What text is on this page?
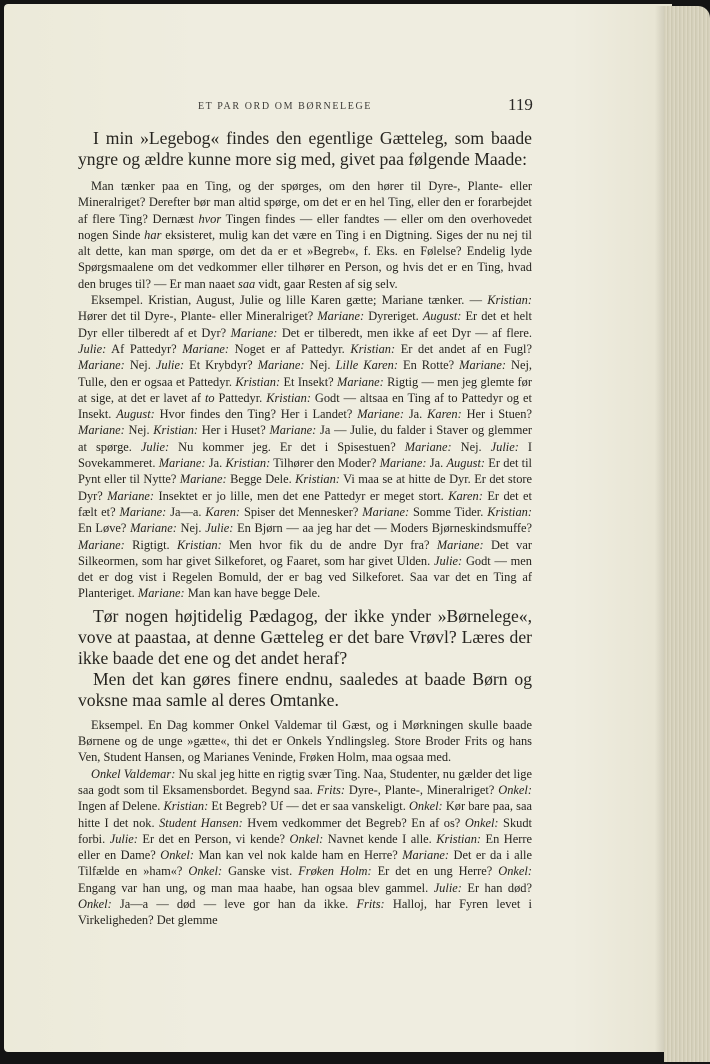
ET PAR ORD OM BØRNELEGE	119

I min »Legebog« findes den egentlige Gætteleg, som baade yngre og ældre kunne more sig med, givet paa følgende Maade:

Man tænker paa en Ting, og der spørges, om den hører til Dyre-, Plante- eller Mineralriget? Derefter bør man altid spørge, om det er en hel Ting, eller den er forarbejdet af flere Ting? Dernæst hvor Tingen findes — eller fandtes — eller om den overhovedet nogen Sinde har eksisteret, mulig kan det være en Ting i en Digtning. Siges der nu nej til alt dette, kan man spørge, om det da er et »Begreb«, f. Eks. en Følelse? Endelig lyde Spørgsmaalene om det vedkommer eller tilhører en Person, og hvis det er en Ting, hvad den bruges til? — Er man naaet saa vidt, gaar Resten af sig selv.

Eksempel. Kristian, August, Julie og lille Karen gætte; Mariane tænker. — Kristian: Hører det til Dyre-, Plante- eller Mineralriget? Mariane: Dyreriget. August: Er det et helt Dyr eller tilberedt af et Dyr? Mariane: Det er tilberedt, men ikke af eet Dyr — af flere. Julie: Af Pattedyr? Mariane: Noget er af Pattedyr. Kristian: Er det andet af en Fugl? Mariane: Nej. Julie: Et Krybdyr? Mariane: Nej. Lille Karen: En Rotte? Mariane: Nej, Tulle, den er ogsaa et Pattedyr. Kristian: Et Insekt? Mariane: Rigtig — men jeg glemte før at sige, at det er lavet af to Pattedyr. Kristian: Godt — altsaa en Ting af to Pattedyr og et Insekt. August: Hvor findes den Ting? Her i Landet? Mariane: Ja. Karen: Her i Stuen? Mariane: Nej. Kristian: Her i Huset? Mariane: Ja — Julie, du falder i Staver og glemmer at spørge. Julie: Nu kommer jeg. Er det i Spisestuen? Mariane: Nej. Julie: I Sovekammeret. Mariane: Ja. Kristian: Tilhører den Moder? Mariane: Ja. August: Er det til Pynt eller til Nytte? Mariane: Begge Dele. Kristian: Vi maa se at hitte de Dyr. Er det store Dyr? Mariane: Insektet er jo lille, men det ene Pattedyr er meget stort. Karen: Er det et fælt et? Mariane: Ja—a. Karen: Spiser det Mennesker? Mariane: Somme Tider. Kristian: En Løve? Mariane: Nej. Julie: En Bjørn — aa jeg har det — Moders Bjørneskindsmuffe? Mariane: Rigtigt. Kristian: Men hvor fik du de andre Dyr fra? Mariane: Det var Silkeormen, som har givet Silkeforet, og Faaret, som har givet Ulden. Julie: Godt — men det er dog vist i Regelen Bomuld, der er bag ved Silkeforet. Saa var det en Ting af Planteriget. Mariane: Man kan have begge Dele.

Tør nogen højtidelig Pædagog, der ikke ynder »Børnelege«, vove at paastaa, at denne Gætteleg er det bare Vrøvl? Læres der ikke baade det ene og det andet heraf?

Men det kan gøres finere endnu, saaledes at baade Børn og voksne maa samle al deres Omtanke.

Eksempel. En Dag kommer Onkel Valdemar til Gæst, og i Mørkningen skulle baade Børnene og de unge »gætte«, thi det er Onkels Yndlingsleg. Store Broder Frits og hans Ven, Student Hansen, og Marianes Veninde, Frøken Holm, maa ogsaa med.

Onkel Valdemar: Nu skal jeg hitte en rigtig svær Ting. Naa, Studenter, nu gælder det lige saa godt som til Eksamensbordet. Begynd saa. Frits: Dyre-, Plante-, Mineralriget? Onkel: Ingen af Delene. Kristian: Et Begreb? Uf — det er saa vanskeligt. Onkel: Kør bare paa, saa hitte I det nok. Student Hansen: Hvem vedkommer det Begreb? En af os? Onkel: Skudt forbi. Julie: Er det en Person, vi kende? Onkel: Navnet kende I alle. Kristian: En Herre eller en Dame? Onkel: Man kan vel nok kalde ham en Herre? Mariane: Det er da i alle Tilfælde en »ham«? Onkel: Ganske vist. Frøken Holm: Er det en ung Herre? Onkel: Engang var han ung, og man maa haabe, han ogsaa blev gammel. Julie: Er han død? Onkel: Ja—a — død — leve gor han da ikke. Frits: Halloj, har Fyren levet i Virkeligheden? Det glemme
